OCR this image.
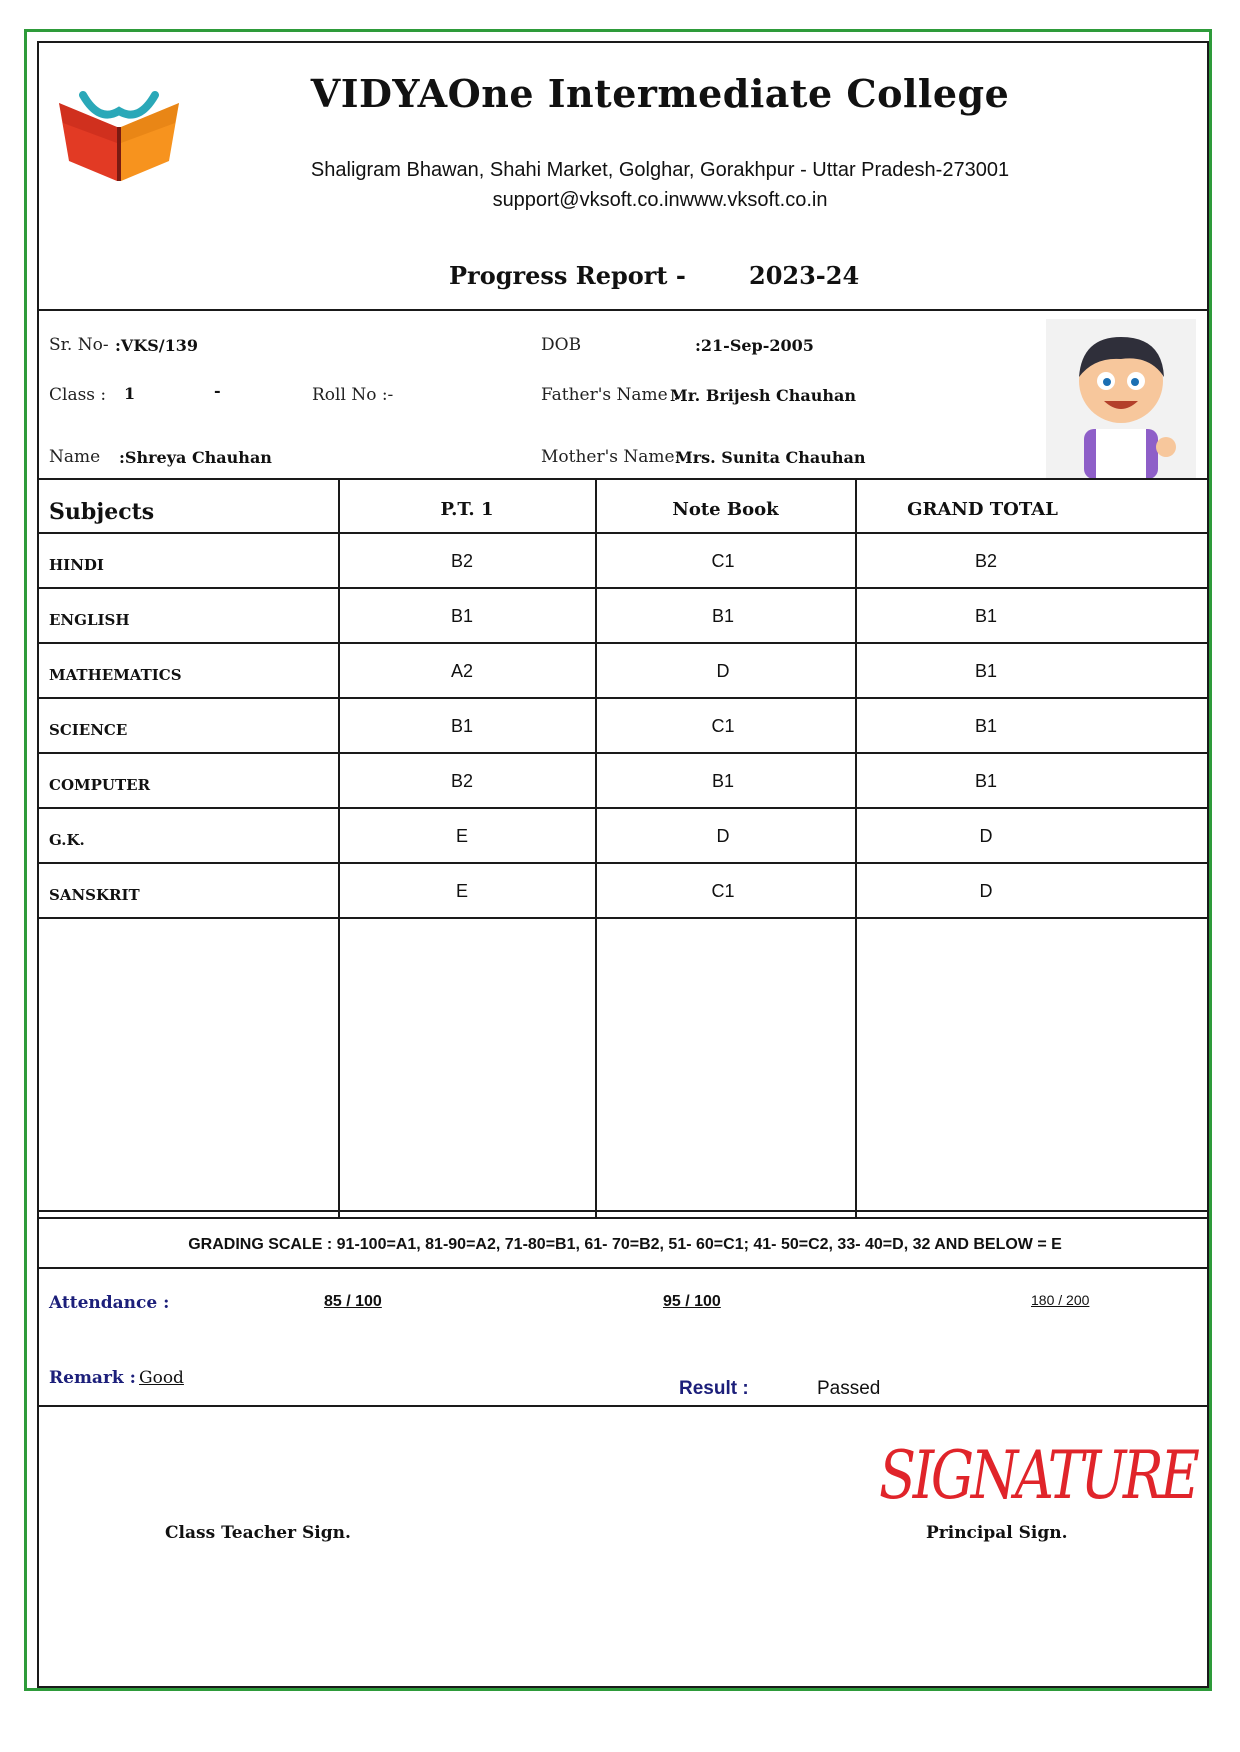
VIDYAOne Intermediate College
Shaligram Bhawan, Shahi Market, Golghar, Gorakhpur - Uttar Pradesh-273001
support@vksoft.co.inwww.vksoft.co.in
Progress Report -	2023-24
Sr. No- :VKS/139	DOB	:21-Sep-2005
Class : 1	-	Roll No :-	Father's Name :
Mr. Brijesh Chauhan
Name :Shreya Chauhan	Mother's Name:
Mrs. Sunita Chauhan
Subjects	P.T. 1	Note Book	GRAND TOTAL
GRADING SCALE : 91-100=A1, 81-90=A2, 71-80=B1, 61- 70=B2, 51- 60=C1; 41- 50=C2, 33- 40=D, 32 AND BELOW = E
Attendance :	85 / 100	95 / 100	180 / 200
Remark : Good	Result :	Passed
SIGNATURE
Class Teacher Sign.	Principal Sign.
HINDI	B2	C1	B2
ENGLISH	B1	B1	B1
MATHEMATICS	A2	D	B1
SCIENCE	B1	C1	B1
COMPUTER	B2	B1	B1
G.K.	E	D	D
SANSKRIT	E	C1	D
